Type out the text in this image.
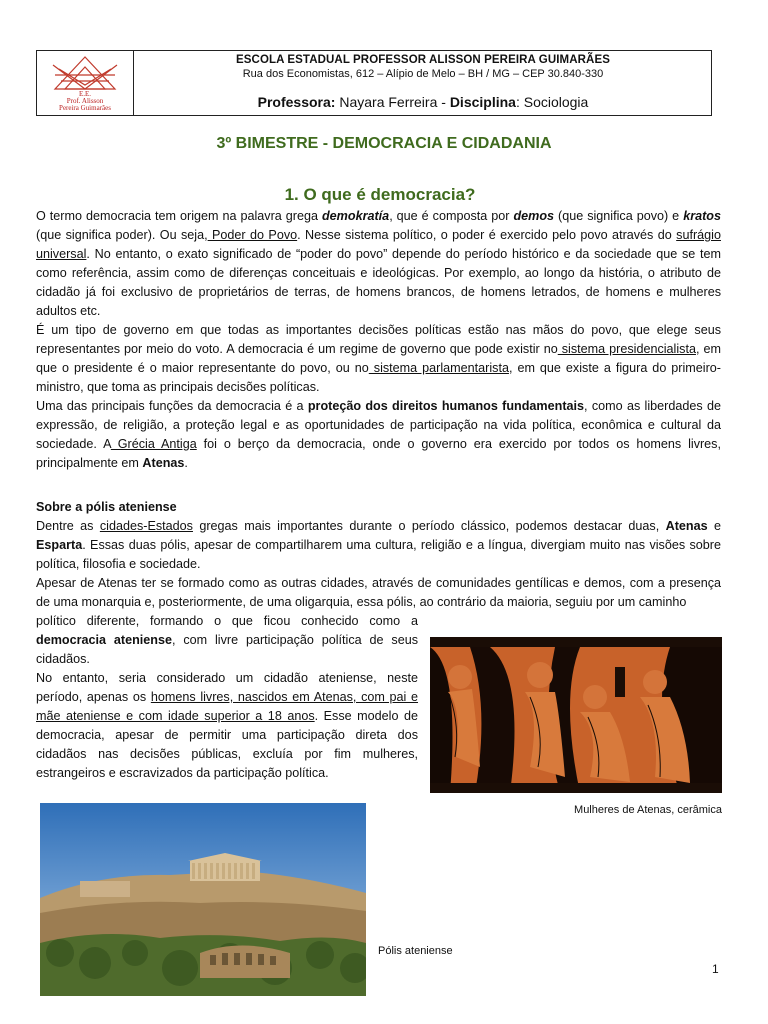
E.E.
Prof. Alisson
Pereira Guimarães
ESCOLA ESTADUAL PROFESSOR ALISSON PEREIRA GUIMARÃES
Rua dos Economistas, 612 – Alípio de Melo – BH / MG – CEP 30.840-330
Professora: Nayara Ferreira - Disciplina: Sociologia
3º BIMESTRE - DEMOCRACIA E CIDADANIA
1. O que é democracia?

O termo democracia tem origem na palavra grega demokratía, que é composta por demos (que significa povo) e kratos (que significa poder). Ou seja, Poder do Povo. Nesse sistema político, o poder é exercido pelo povo através do sufrágio universal. No entanto, o exato significado de “poder do povo” depende do período histórico e da sociedade que se tem como referência, assim como de diferenças conceituais e ideológicas. Por exemplo, ao longo da história, o atributo de cidadão já foi exclusivo de proprietários de terras, de homens brancos, de homens letrados, de homens e mulheres adultos etc.

É um tipo de governo em que todas as importantes decisões políticas estão nas mãos do povo, que elege seus representantes por meio do voto. A democracia é um regime de governo que pode existir no sistema presidencialista, em que o presidente é o maior representante do povo, ou no sistema parlamentarista, em que existe a figura do primeiro-ministro, que toma as principais decisões políticas.

Uma das principais funções da democracia é a proteção dos direitos humanos fundamentais, como as liberdades de expressão, de religião, a proteção legal e as oportunidades de participação na vida política, econômica e cultural da sociedade. A Grécia Antiga foi o berço da democracia, onde o governo era exercido por todos os homens livres, principalmente em Atenas.

Sobre a pólis ateniense

Dentre as cidades-Estados gregas mais importantes durante o período clássico, podemos destacar duas, Atenas e Esparta. Essas duas pólis, apesar de compartilharem uma cultura, religião e a língua, divergiam muito nas visões sobre política, filosofia e sociedade.

Apesar de Atenas ter se formado como as outras cidades, através de comunidades gentílicas e demos, com a presença de uma monarquia e, posteriormente, de uma oligarquia, essa pólis, ao contrário da maioria, seguiu por um caminho

político diferente, formando o que ficou conhecido como a democracia ateniense, com livre participação política de seus cidadãos.

No entanto, seria considerado um cidadão ateniense, neste período, apenas os homens livres, nascidos em Atenas, com pai e mãe ateniense e com idade superior a 18 anos. Esse modelo de democracia, apesar de permitir uma participação direta dos cidadãos nas decisões públicas, excluía por fim mulheres, estrangeiros e escravizados da participação política.

Mulheres de Atenas, cerâmica
Pólis ateniense
1
